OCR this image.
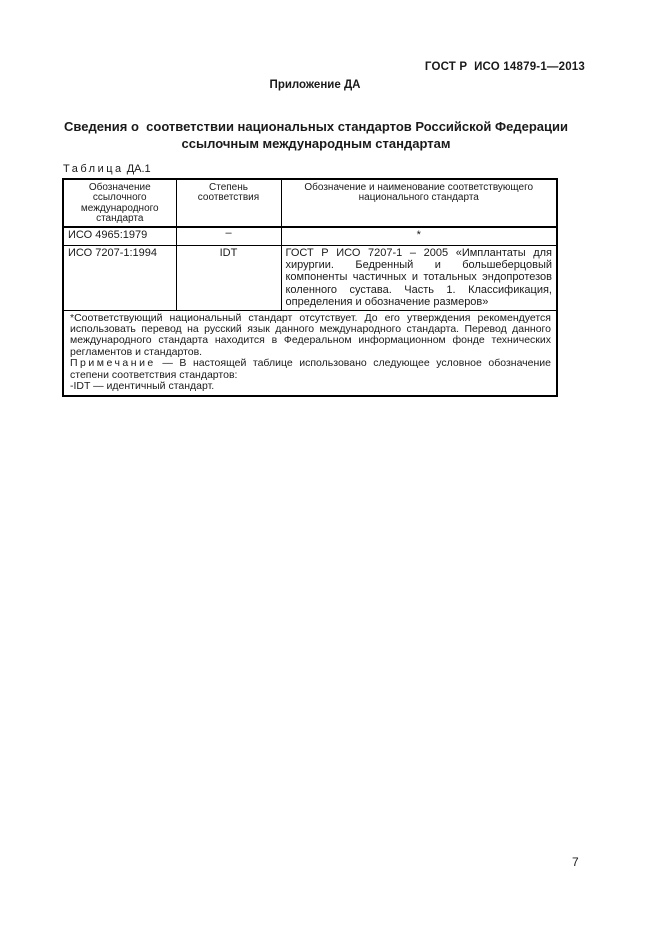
ГОСТ Р  ИСО 14879-1—2013
Приложение ДА
Сведения о  соответствии национальных стандартов Российской Федерации
ссылочным международным стандартам
Таблица ДА.1
Обозначение ссылочного международного стандарта	Степень соответствия	Обозначение и наименование соответствующего национального стандарта
ИСО 4965:1979	–	*
ИСО 7207-1:1994	IDT	ГОСТ Р ИСО 7207-1 – 2005 «Имплантаты для хирургии. Бедренный и большеберцовый компоненты частичных и тотальных эндопротезов коленного сустава. Часть 1. Классификация, определения и обозначение размеров»

*Соответствующий национальный стандарт отсутствует. До его утверждения рекомендуется использовать перевод на русский язык данного международного стандарта. Перевод данного международного стандарта находится в Федеральном информационном фонде технических регламентов и стандартов.

Примечание — В настоящей таблице использовано следующее условное обозначение степени соответствия стандартов:

-IDT — идентичный стандарт.		

7
